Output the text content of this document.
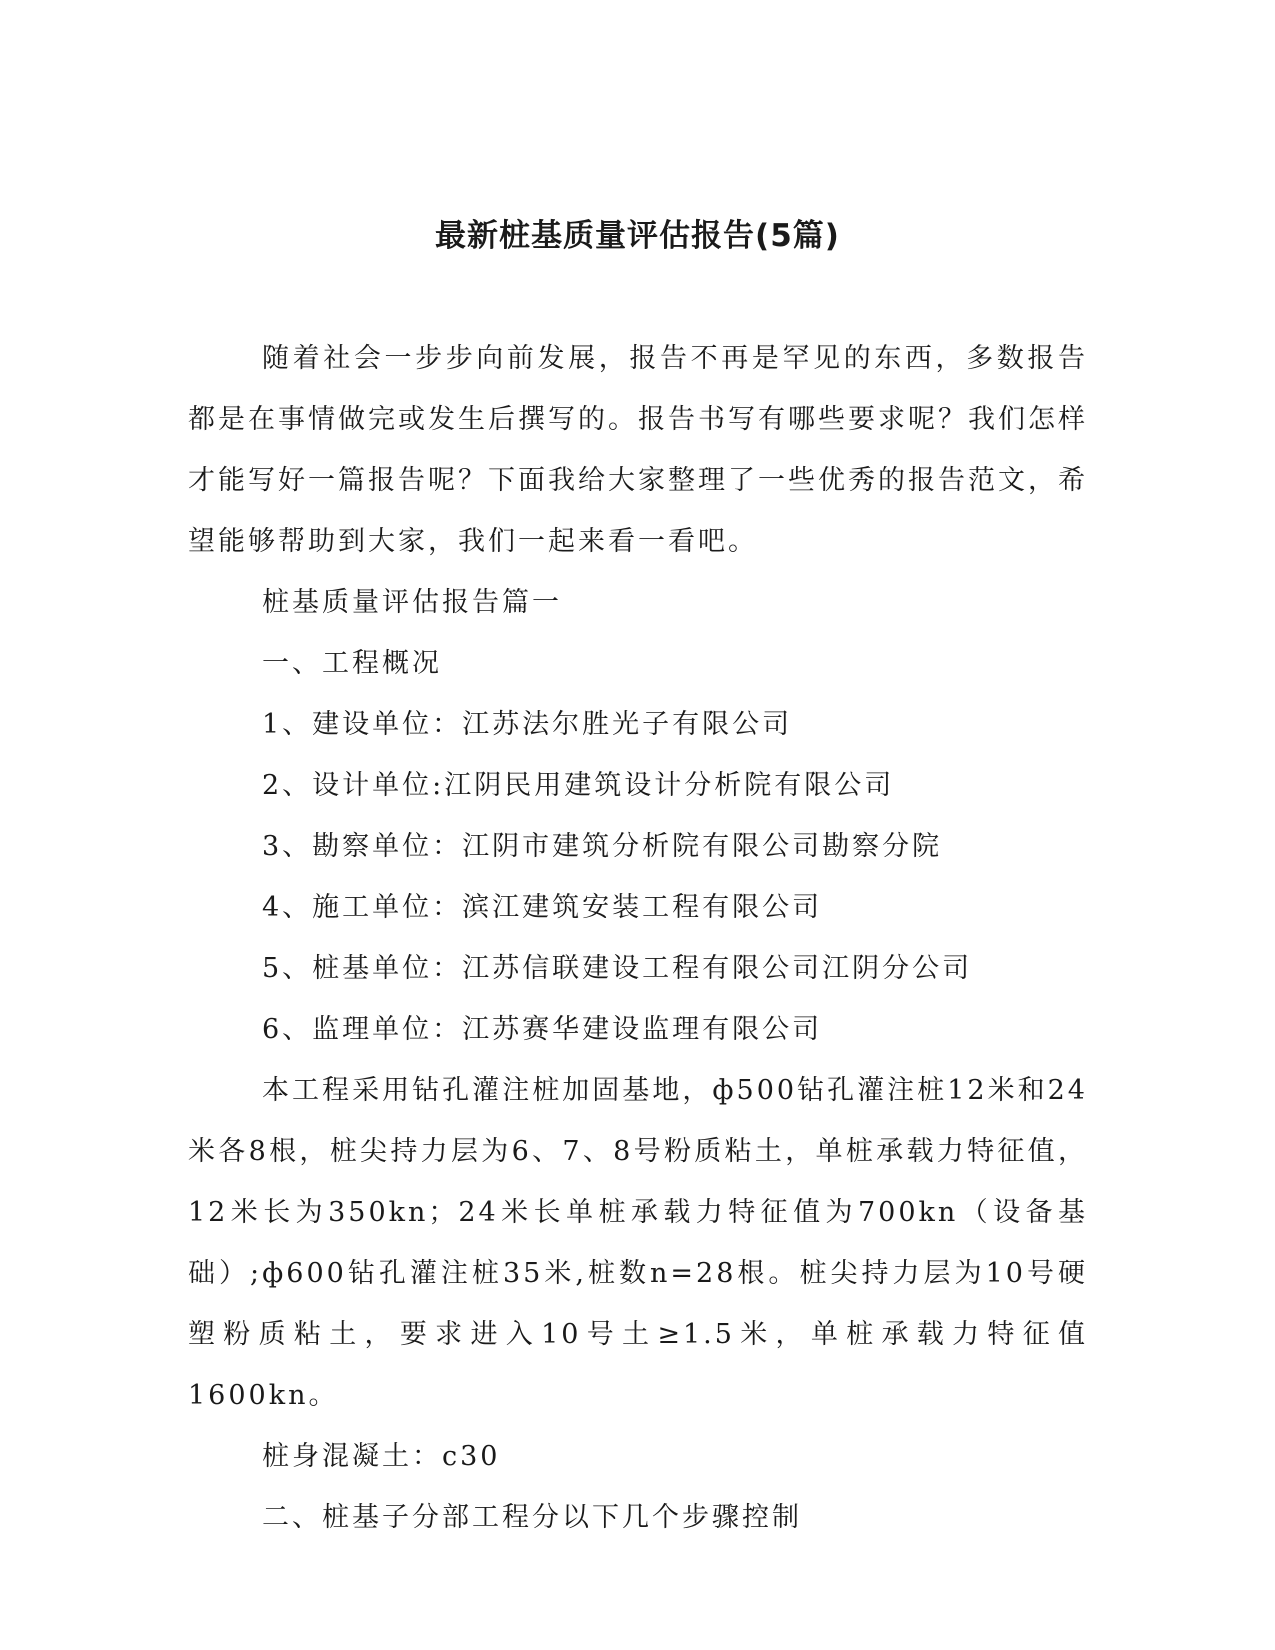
最新桩基质量评估报告(5篇)

随着社会一步步向前发展，报告不再是罕见的东西，多数报告都是在事情做完或发生后撰写的。报告书写有哪些要求呢？我们怎样才能写好一篇报告呢？下面我给大家整理了一些优秀的报告范文，希望能够帮助到大家，我们一起来看一看吧。

桩基质量评估报告篇一

一、工程概况

1、建设单位：江苏法尔胜光子有限公司

2、设计单位:江阴民用建筑设计分析院有限公司

3、勘察单位：江阴市建筑分析院有限公司勘察分院

4、施工单位：滨江建筑安装工程有限公司

5、桩基单位：江苏信联建设工程有限公司江阴分公司

6、监理单位：江苏赛华建设监理有限公司

本工程采用钻孔灌注桩加固基地，ф500钻孔灌注桩12米和24米各8根，桩尖持力层为6、7、8号粉质粘土，单桩承载力特征值，12米长为350kn；24米长单桩承载力特征值为700kn（设备基础）;ф600钻孔灌注桩35米,桩数n=28根。桩尖持力层为10号硬塑粉质粘土，要求进入10号土≥1.5米，单桩承载力特征值1600kn。

桩身混凝土：c30

二、桩基子分部工程分以下几个步骤控制
